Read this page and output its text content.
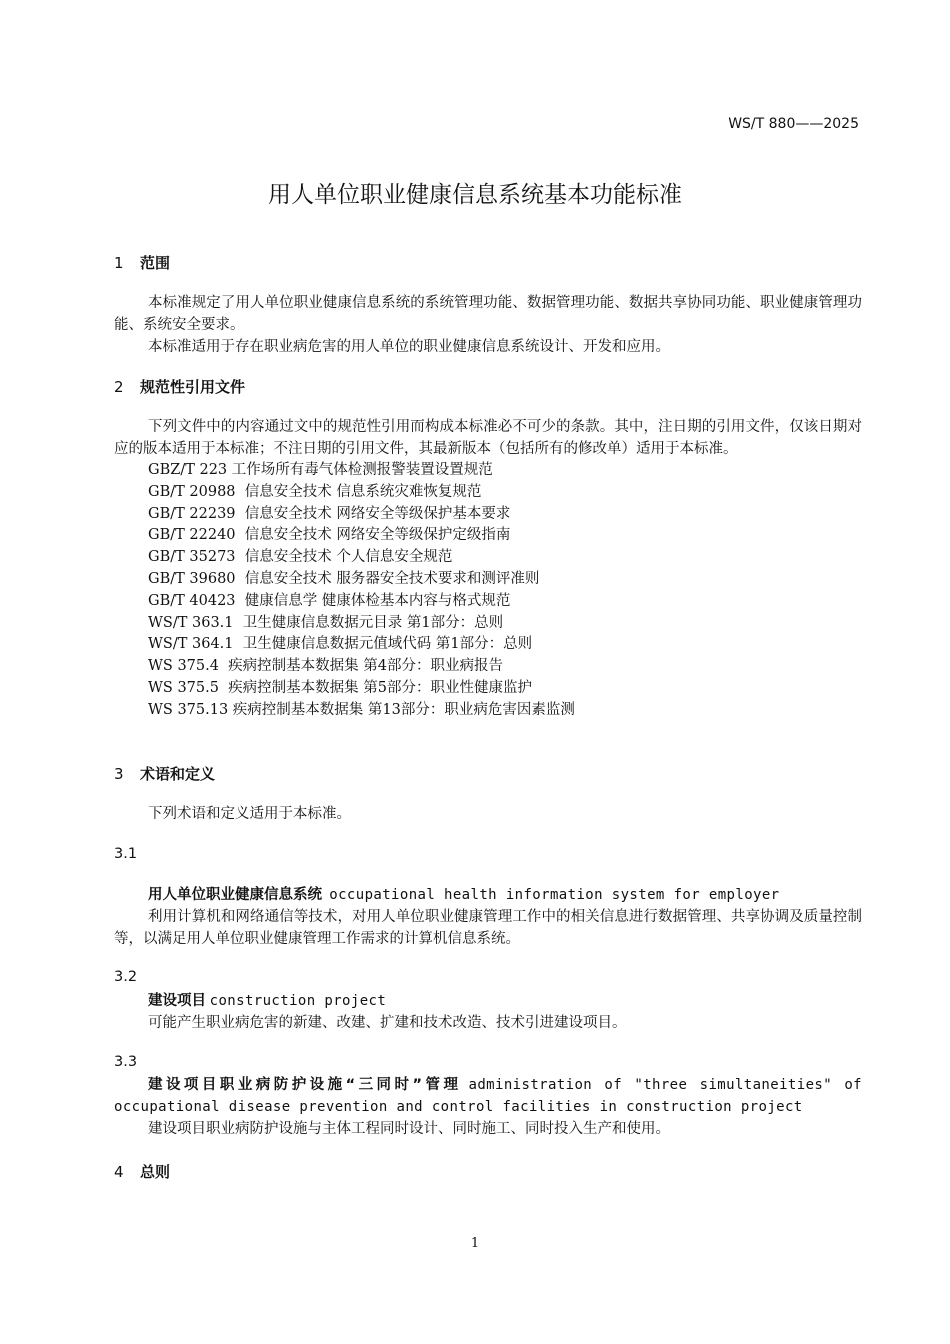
WS/T 880——2025
用人单位职业健康信息系统基本功能标准
1 范围
本标准规定了用人单位职业健康信息系统的系统管理功能、数据管理功能、数据共享协同功能、职业健康管理功能、系统安全要求。
本标准适用于存在职业病危害的用人单位的职业健康信息系统设计、开发和应用。
2 规范性引用文件
下列文件中的内容通过文中的规范性引用而构成本标准必不可少的条款。其中，注日期的引用文件，仅该日期对应的版本适用于本标准；不注日期的引用文件，其最新版本（包括所有的修改单）适用于本标准。
GBZ/T 223 工作场所有毒气体检测报警装置设置规范
GB/T 20988  信息安全技术 信息系统灾难恢复规范
GB/T 22239  信息安全技术 网络安全等级保护基本要求
GB/T 22240  信息安全技术 网络安全等级保护定级指南
GB/T 35273  信息安全技术 个人信息安全规范
GB/T 39680  信息安全技术 服务器安全技术要求和测评准则
GB/T 40423  健康信息学 健康体检基本内容与格式规范
WS/T 363.1  卫生健康信息数据元目录 第1部分：总则
WS/T 364.1  卫生健康信息数据元值域代码 第1部分：总则
WS 375.4  疾病控制基本数据集 第4部分：职业病报告
WS 375.5  疾病控制基本数据集 第5部分：职业性健康监护
WS 375.13 疾病控制基本数据集 第13部分：职业病危害因素监测
3 术语和定义
下列术语和定义适用于本标准。
3.1
用人单位职业健康信息系统 occupational health information system for employer
利用计算机和网络通信等技术，对用人单位职业健康管理工作中的相关信息进行数据管理、共享协调及质量控制等，以满足用人单位职业健康管理工作需求的计算机信息系统。
3.2
建设项目 construction project
可能产生职业病危害的新建、改建、扩建和技术改造、技术引进建设项目。
3.3
建设项目职业病防护设施“三同时”管理 administration of "three simultaneities" of occupational disease prevention and control facilities in construction project
建设项目职业病防护设施与主体工程同时设计、同时施工、同时投入生产和使用。
4 总则
1
